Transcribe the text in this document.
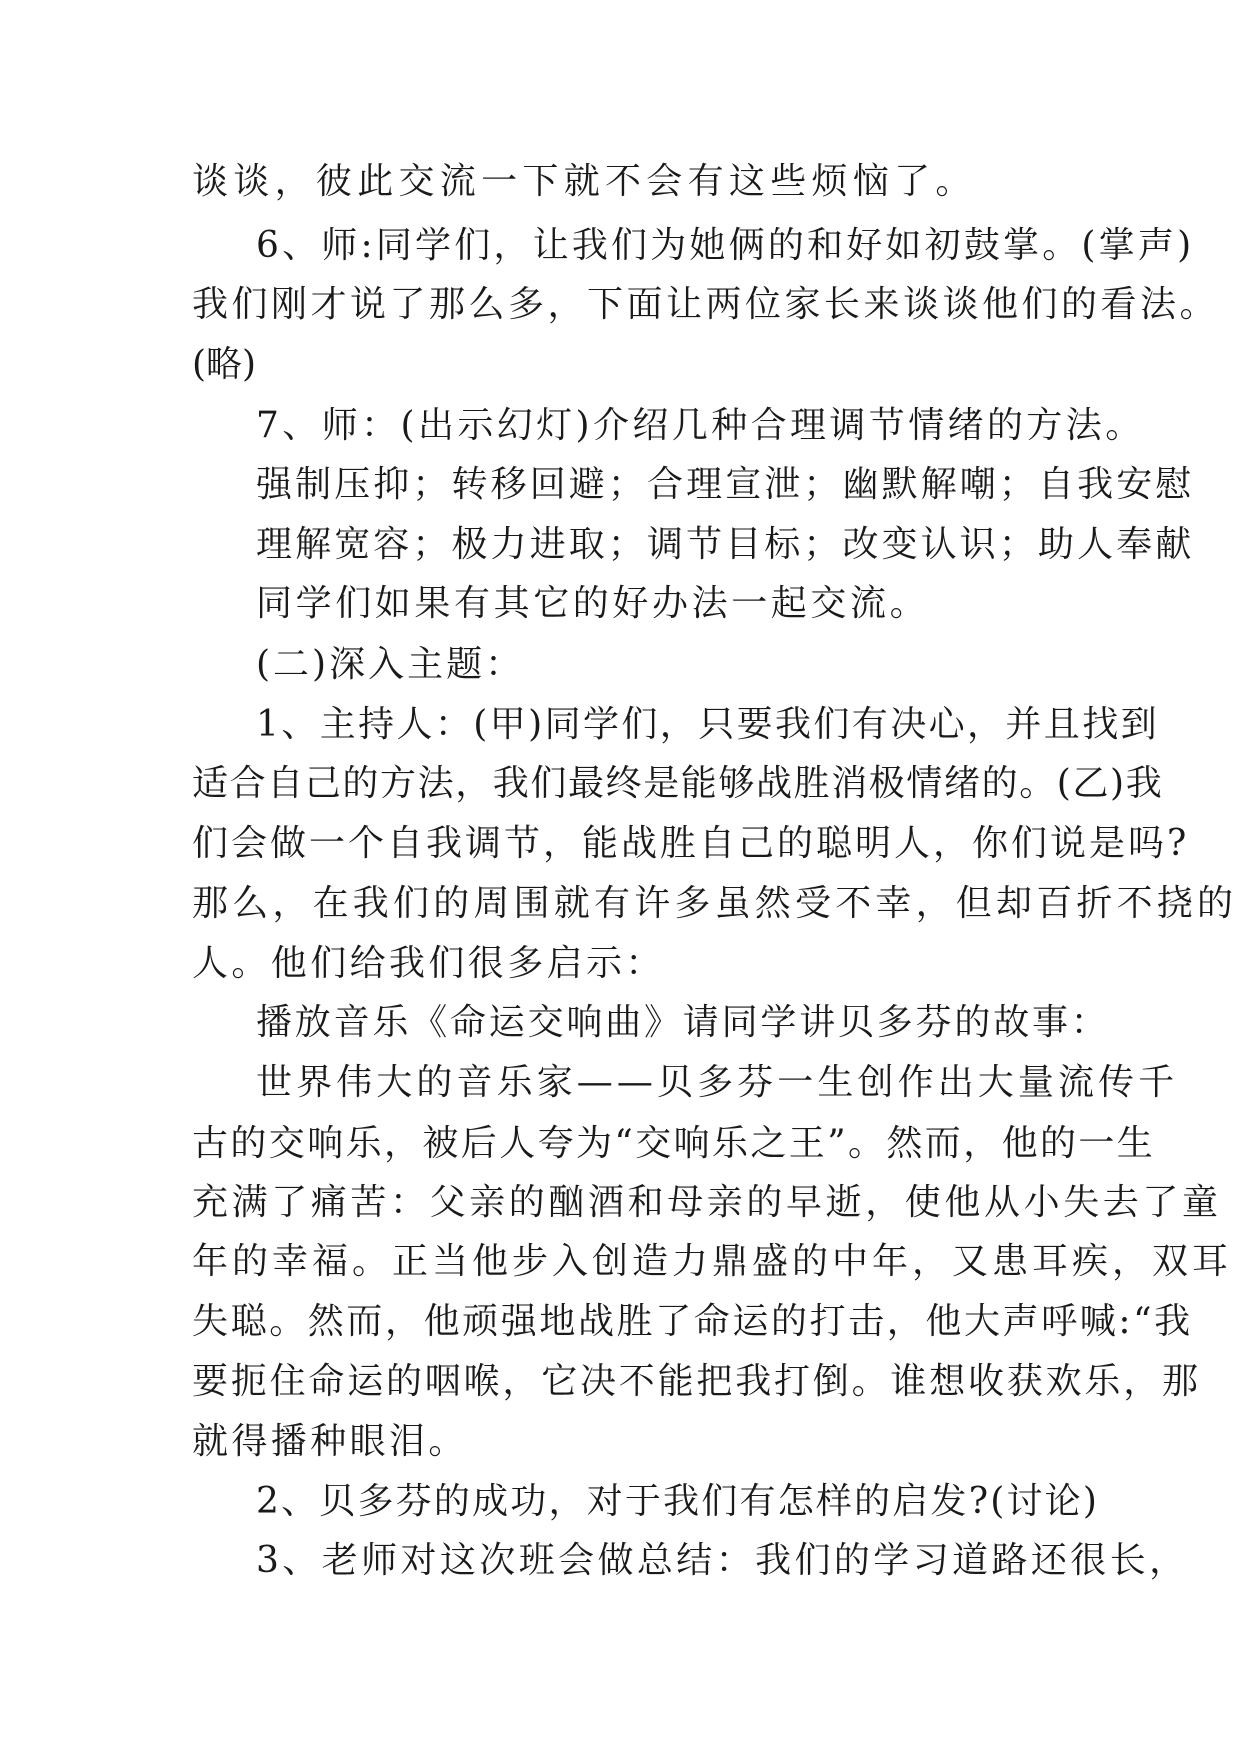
谈谈，彼此交流一下就不会有这些烦恼了。
6、师:同学们，让我们为她俩的和好如初鼓掌。(掌声)
我们刚才说了那么多，下面让两位家长来谈谈他们的看法。
(略)
7、师：(出示幻灯)介绍几种合理调节情绪的方法。
强制压抑；转移回避；合理宣泄；幽默解嘲；自我安慰
理解宽容；极力进取；调节目标；改变认识；助人奉献
同学们如果有其它的好办法一起交流。
(二)深入主题：
1、主持人：(甲)同学们，只要我们有决心，并且找到
适合自己的方法，我们最终是能够战胜消极情绪的。(乙)我
们会做一个自我调节，能战胜自己的聪明人，你们说是吗?
那么，在我们的周围就有许多虽然受不幸，但却百折不挠的
人。他们给我们很多启示：
播放音乐《命运交响曲》请同学讲贝多芬的故事：
世界伟大的音乐家——贝多芬一生创作出大量流传千
古的交响乐，被后人夸为“交响乐之王”。然而，他的一生
充满了痛苦：父亲的酗酒和母亲的早逝，使他从小失去了童
年的幸福。正当他步入创造力鼎盛的中年，又患耳疾，双耳
失聪。然而，他顽强地战胜了命运的打击，他大声呼喊:“我
要扼住命运的咽喉，它决不能把我打倒。谁想收获欢乐，那
就得播种眼泪。
2、贝多芬的成功，对于我们有怎样的启发?(讨论)
3、老师对这次班会做总结：我们的学习道路还很长，
